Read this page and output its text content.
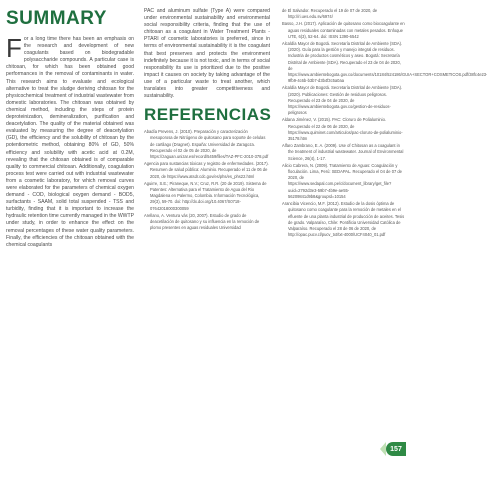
SUMMARY

For a long time there has been an emphasis on the research and development of new coagulants based on biodegradable polysaccharide compounds. A particular case is chitosan, for which has been obtained good performances in the removal of contaminants in water. This research aims to evaluate and ecological alternative to treat the sludge deriving chitosan for the physicochemical treatment of industrial wastewater from domestic laboratories. The chitosan was obtained by chemical method, including the steps of protein deproteinization, demineralization, purification and deacetylation. The quality of the material obtained was evaluated by measuring the degree of deacetylation (GD), the efficiency and the solubility of chitosan by the potentiometric method, obtaining 80% of GD, 50% efficiency and solubility with acetic acid at 0.2M, revealing that the chitosan obtained is of comparable quality to commercial chitosan. Additionally, coagulation process test were carried out with industrial wastewater from a cosmetic laboratory, for which removal curves were elaborated for the parameters of chemical oxygen demand - COD, biological oxygen demand - BOD5, surfactants - SAAM, solid total suspended - TSS and turbidity, finding that it is important to increase the hydraulic retention time currently managed in the WWTP under study, in order to enhance the effect on the removal percentages of these water quality parameters. Finally, the efficiencies of the chitosan obtained with the chemical coagulants

PAC and aluminum sulfate (Type A) were compared under environmental sustainability and environmental social responsibility criteria, finding that the use of chitosan as a coagulant in Water Treatment Plants - PTARI of cosmetic laboratories is preferred, since in terms of environmental sustainability it is the coagulant that best preserves and protects the environment indefinitely because it is not toxic, and in terms of social responsibility its use is prioritized due to the positive impact it causes on society by taking advantage of the use of a particular waste to treat another, which translates into greater competitiveness and sustainability.

REFERENCIAS

Abadía Prevens, J. (2010). Preparación y caracterización mesoporosa de Nitrógeno de quitosano para soporte de celulas de cartilago (Dragnet). España: Universidad de Zaragoza. Recuperado el 02 de 05 de 2020, de https://zaguan.unizar.es/record/5459/files/TAZ-PFC-2010-378.pdf

Agencia para sustancias tóxicas y registro de enfermedades. (2017). Resumen de salud pública: Aluminio. Recuperado el 11 de 06 de 2020, de https://www.atsdr.cdc.gov/es/phs/es_phs22.html

Aguirre, S.E.; Piraneque, N.V.; Cruz, R.R. (20 de 2019). Sistema de Patentes: Alternativa para el Tratamiento de Agua del Rio Magdalena en Palermo, Colombia. Información Tecnológica, 29(3), 59-70. doi: http://dx.doi.org/10.4067/S0718-07642018000300059

Arellano, A. Ventura vás (20, 2007). Estudio de grado de deacetilación de quitosano y su influencia en la remoción de plomo presentes en aguas residuales Universidad

de El Salvador. Recuperado el 19 de 07 de 2020, de http://ri.ues.edu.sv/6974/

Basso, J.H. (2017). Aplicación de quitosano como biocoagulante en aguas residuales contaminadas con metales pesados. Enfoque UTE, 6(3), 52-64. doi: ISSN 1390-6542

Alcaldía Mayor de Bogotá. Secretaría Distrital de Ambiente (SDA). (2020). Guía para la gestión y manejo integral de residuos. Industria de productos cosméticos y aseo. Bogotá: Secretaría Distrital de Ambiente (SDA). Recuperado el 23 de 04 de 2020, de https://www.ambientebogota.gov.co/documents/10184/524186/GUIA+SECTOR+COSMETICOS.pdf/38fc4e23-9fb9-4c6b-b3b7-d3b4f3c5a0aa

Alcaldía Mayor de Bogotá. Secretaría Distrital de Ambiente (SDA). (2020). Publicaciones: Gestión de residuos peligrosos. Recuperado el 23 de 04 de 2020, de https://www.ambientebogota.gov.co/gestion-de-residuos-peligrosos

Aldana Jiménez, V. (2015). PAC: Cloruro de Polialuminio. Recuperado el 22 de 06 de 2020, de https://www.quiminet.com/articulos/pac-cloruro-de-polialuminio-35178.htm

Alfaro Zambrano, E. A. (2009). Use of Chitosan as a coagulant in the treatment of industrial wastewater. Journal of Environmental Science, 26(4), 1-17.

Alicio Cabrera, N. (2009). Tratamiento de Aguas: Coagulación y floculación. Lima, Perú: SEDAPAL. Recuperado el 04 de 07 de 2020, de https://www.sedapal.com.pe/c/document_library/get_file?uuid=2792d3e3-59b7-4b9e-ae55-56209841d9b8&groupId=10154

Arancibia Vicencio, M.F. (2012). Estudio de la dosis óptima de quitosano como coagulante para la remoción de metales en el efluente de una planta industrial de producción de aceites. Tesis de grado. Valparaíso, Chile: Pontificia Universidad Católica de Valparaíso. Recuperado el 28 de 06 de 2020, de http://opac.pucv.cl/pucv_txt/txt-4000/UCF4040_01.pdf

157
